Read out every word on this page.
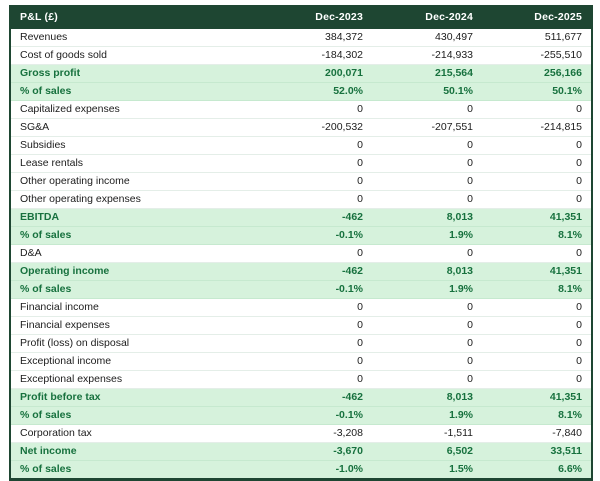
P&L (£)	Dec-2023	Dec-2024	Dec-2025
Revenues	384,372	430,497	511,677
Cost of goods sold	-184,302	-214,933	-255,510
Gross profit	200,071	215,564	256,166
% of sales	52.0%	50.1%	50.1%
Capitalized expenses	0	0	0
SG&A	-200,532	-207,551	-214,815
Subsidies	0	0	0
Lease rentals	0	0	0
Other operating income	0	0	0
Other operating expenses	0	0	0
EBITDA	-462	8,013	41,351
% of sales	-0.1%	1.9%	8.1%
D&A	0	0	0
Operating income	-462	8,013	41,351
% of sales	-0.1%	1.9%	8.1%
Financial income	0	0	0
Financial expenses	0	0	0
Profit (loss) on disposal	0	0	0
Exceptional income	0	0	0
Exceptional expenses	0	0	0
Profit before tax	-462	8,013	41,351
% of sales	-0.1%	1.9%	8.1%
Corporation tax	-3,208	-1,511	-7,840
Net income	-3,670	6,502	33,511
% of sales	-1.0%	1.5%	6.6%
